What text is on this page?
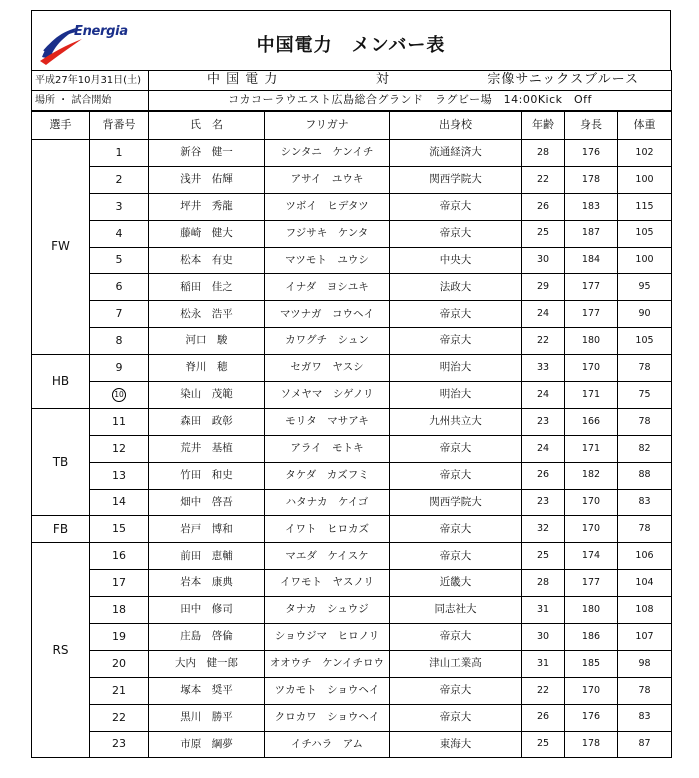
Energia
中国電力　メンバー表
平成27年10月31日(土)	中 国 電 力 対 宗像サニックスブルース

場所 ・ 試合開始	コカコーラウエスト広島総合グランド　ラグビー場　14:00Kick　Off
選手	背番号	氏　名	フリガナ	出身校	年齢	身長	体重
FW	1	新谷　健一	シンタニ　ケンイチ	流通経済大	28	176	102
	2	浅井　佑輝	アサイ　ユウキ	関西学院大	22	178	100
	3	坪井　秀龍	ツボイ　ヒデタツ	帝京大	26	183	115
	4	藤崎　健大	フジサキ　ケンタ	帝京大	25	187	105
	5	松本　有史	マツモト　ユウシ	中央大	30	184	100
	6	稲田　佳之	イナダ　ヨシユキ	法政大	29	177	95
	7	松永　浩平	マツナガ　コウヘイ	帝京大	24	177	90
	8	河口　駿	カワグチ　シュン	帝京大	22	180	105
HB	9	脊川　穂	セガワ　ヤスシ	明治大	33	170	78
	10	染山　茂範	ソメヤマ　シゲノリ	明治大	24	171	75
TB	11	森田　政彰	モリタ　マサアキ	九州共立大	23	166	78
	12	荒井　基植	アライ　モトキ	帝京大	24	171	82
	13	竹田　和史	タケダ　カズフミ	帝京大	26	182	88
	14	畑中　啓吾	ハタナカ　ケイゴ	関西学院大	23	170	83
FB	15	岩戸　博和	イワト　ヒロカズ	帝京大	32	170	78
RS	16	前田　恵輔	マエダ　ケイスケ	帝京大	25	174	106
	17	岩本　康典	イワモト　ヤスノリ	近畿大	28	177	104
	18	田中　修司	タナカ　シュウジ	同志社大	31	180	108
	19	庄島　啓倫	ショウジマ　ヒロノリ	帝京大	30	186	107
	20	大内　健一郎	オオウチ　ケンイチロウ	津山工業高	31	185	98
	21	塚本　奨平	ツカモト　ショウヘイ	帝京大	22	170	78
	22	黒川　勝平	クロカワ　ショウヘイ	帝京大	26	176	83
	23	市原　綱夢	イチハラ　アム	東海大	25	178	87
